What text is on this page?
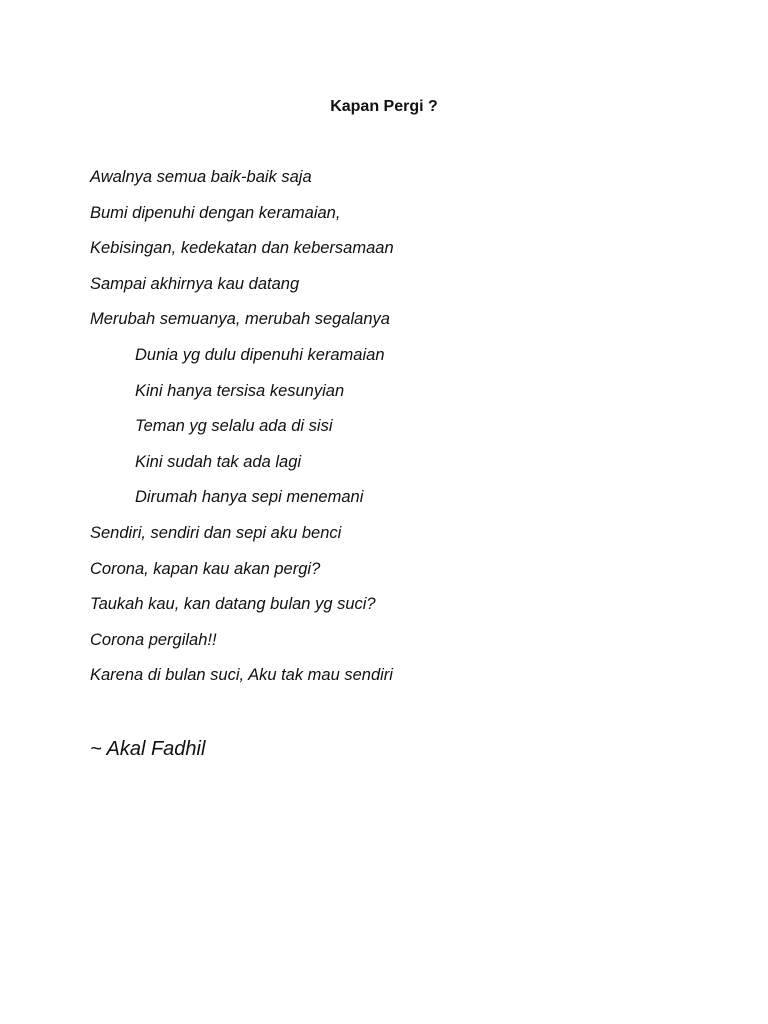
Kapan Pergi ?
Awalnya semua baik-baik saja
Bumi dipenuhi dengan keramaian,
Kebisingan, kedekatan dan kebersamaan
Sampai akhirnya kau datang
Merubah semuanya, merubah segalanya
Dunia yg dulu dipenuhi keramaian
Kini hanya tersisa kesunyian
Teman yg selalu ada di sisi
Kini sudah tak ada lagi
Dirumah hanya sepi menemani
Sendiri, sendiri dan sepi aku benci
Corona, kapan kau akan pergi?
Taukah kau, kan datang bulan yg suci?
Corona pergilah!!
Karena di bulan suci, Aku tak mau sendiri
~ Akal Fadhil
